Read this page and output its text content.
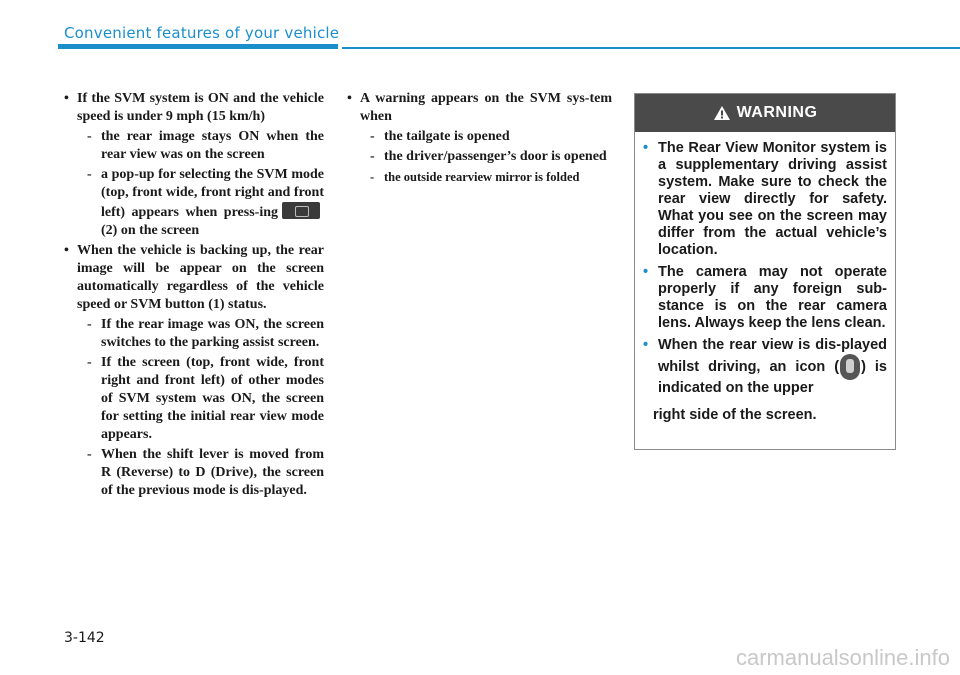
Convenient features of your vehicle
• If the SVM system is ON and the vehicle speed is under 9 mph (15 km/h)
- the rear image stays ON when the rear view was on the screen
- a pop-up for selecting the SVM mode (top, front wide, front right and front left) appears when press-ing(2) on the screen
• When the vehicle is backing up, the rear image will be appear on the screen automatically regardless of the vehicle speed or SVM button (1) status.
- If the rear image was ON, the screen switches to the parking assist screen.
- If the screen (top, front wide, front right and front left) of other modes of SVM system was ON, the screen for setting the initial rear view mode appears.
- When the shift lever is moved from R (Reverse) to D (Drive), the screen of the previous mode is dis-played.
• A warning appears on the SVM sys-tem when
- the tailgate is opened
- the driver/passenger’s door is opened
- the outside rearview mirror is folded
WARNING
• The Rear View Monitor system is a supplementary driving assist system. Make sure to check the rear view directly for safety. What you see on the screen may differ from the actual vehicle’s location.
• The camera may not operate properly if any foreign sub-stance is on the rear camera lens. Always keep the lens clean.
• When the rear view is dis-played whilst driving, an icon ( ) is indicated on the upper
right side of the screen.
3-142
carmanualsonline.info
